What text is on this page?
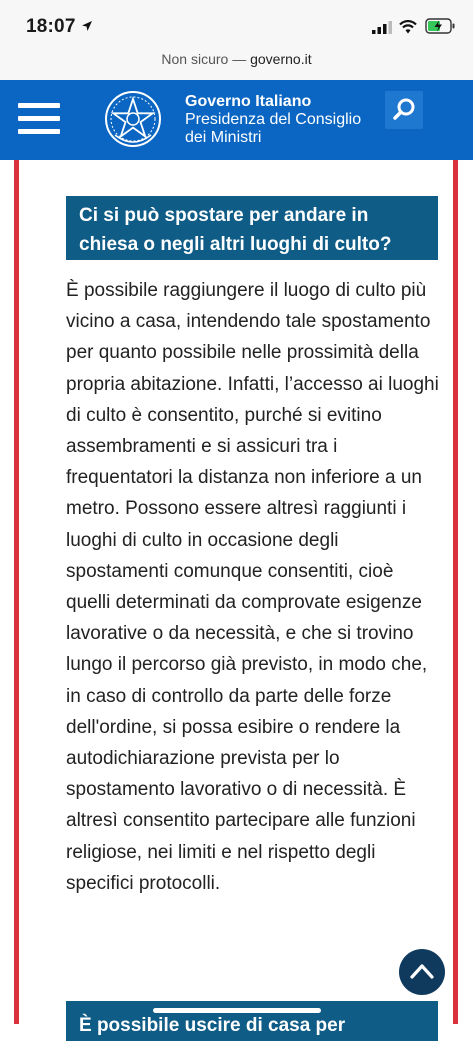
18:07
Non sicuro — governo.it
Governo Italiano
Presidenza del Consiglio
dei Ministri
Ci si può spostare per andare in chiesa o negli altri luoghi di culto?

È possibile raggiungere il luogo di culto più vicino a casa, intendendo tale spostamento per quanto possibile nelle prossimità della propria abitazione. Infatti, l’accesso ai luoghi di culto è consentito, purché si evitino assembramenti e si assicuri tra i frequentatori la distanza non inferiore a un metro. Possono essere altresì raggiunti i luoghi di culto in occasione degli spostamenti comunque consentiti, cioè quelli determinati da comprovate esigenze lavorative o da necessità, e che si trovino lungo il percorso già previsto, in modo che, in caso di controllo da parte delle forze dell'ordine, si possa esibire o rendere la autodichiarazione prevista per lo spostamento lavorativo o di necessità. È altresì consentito partecipare alle funzioni religiose, nei limiti e nel rispetto degli specifici protocolli.

È possibile uscire di casa per
